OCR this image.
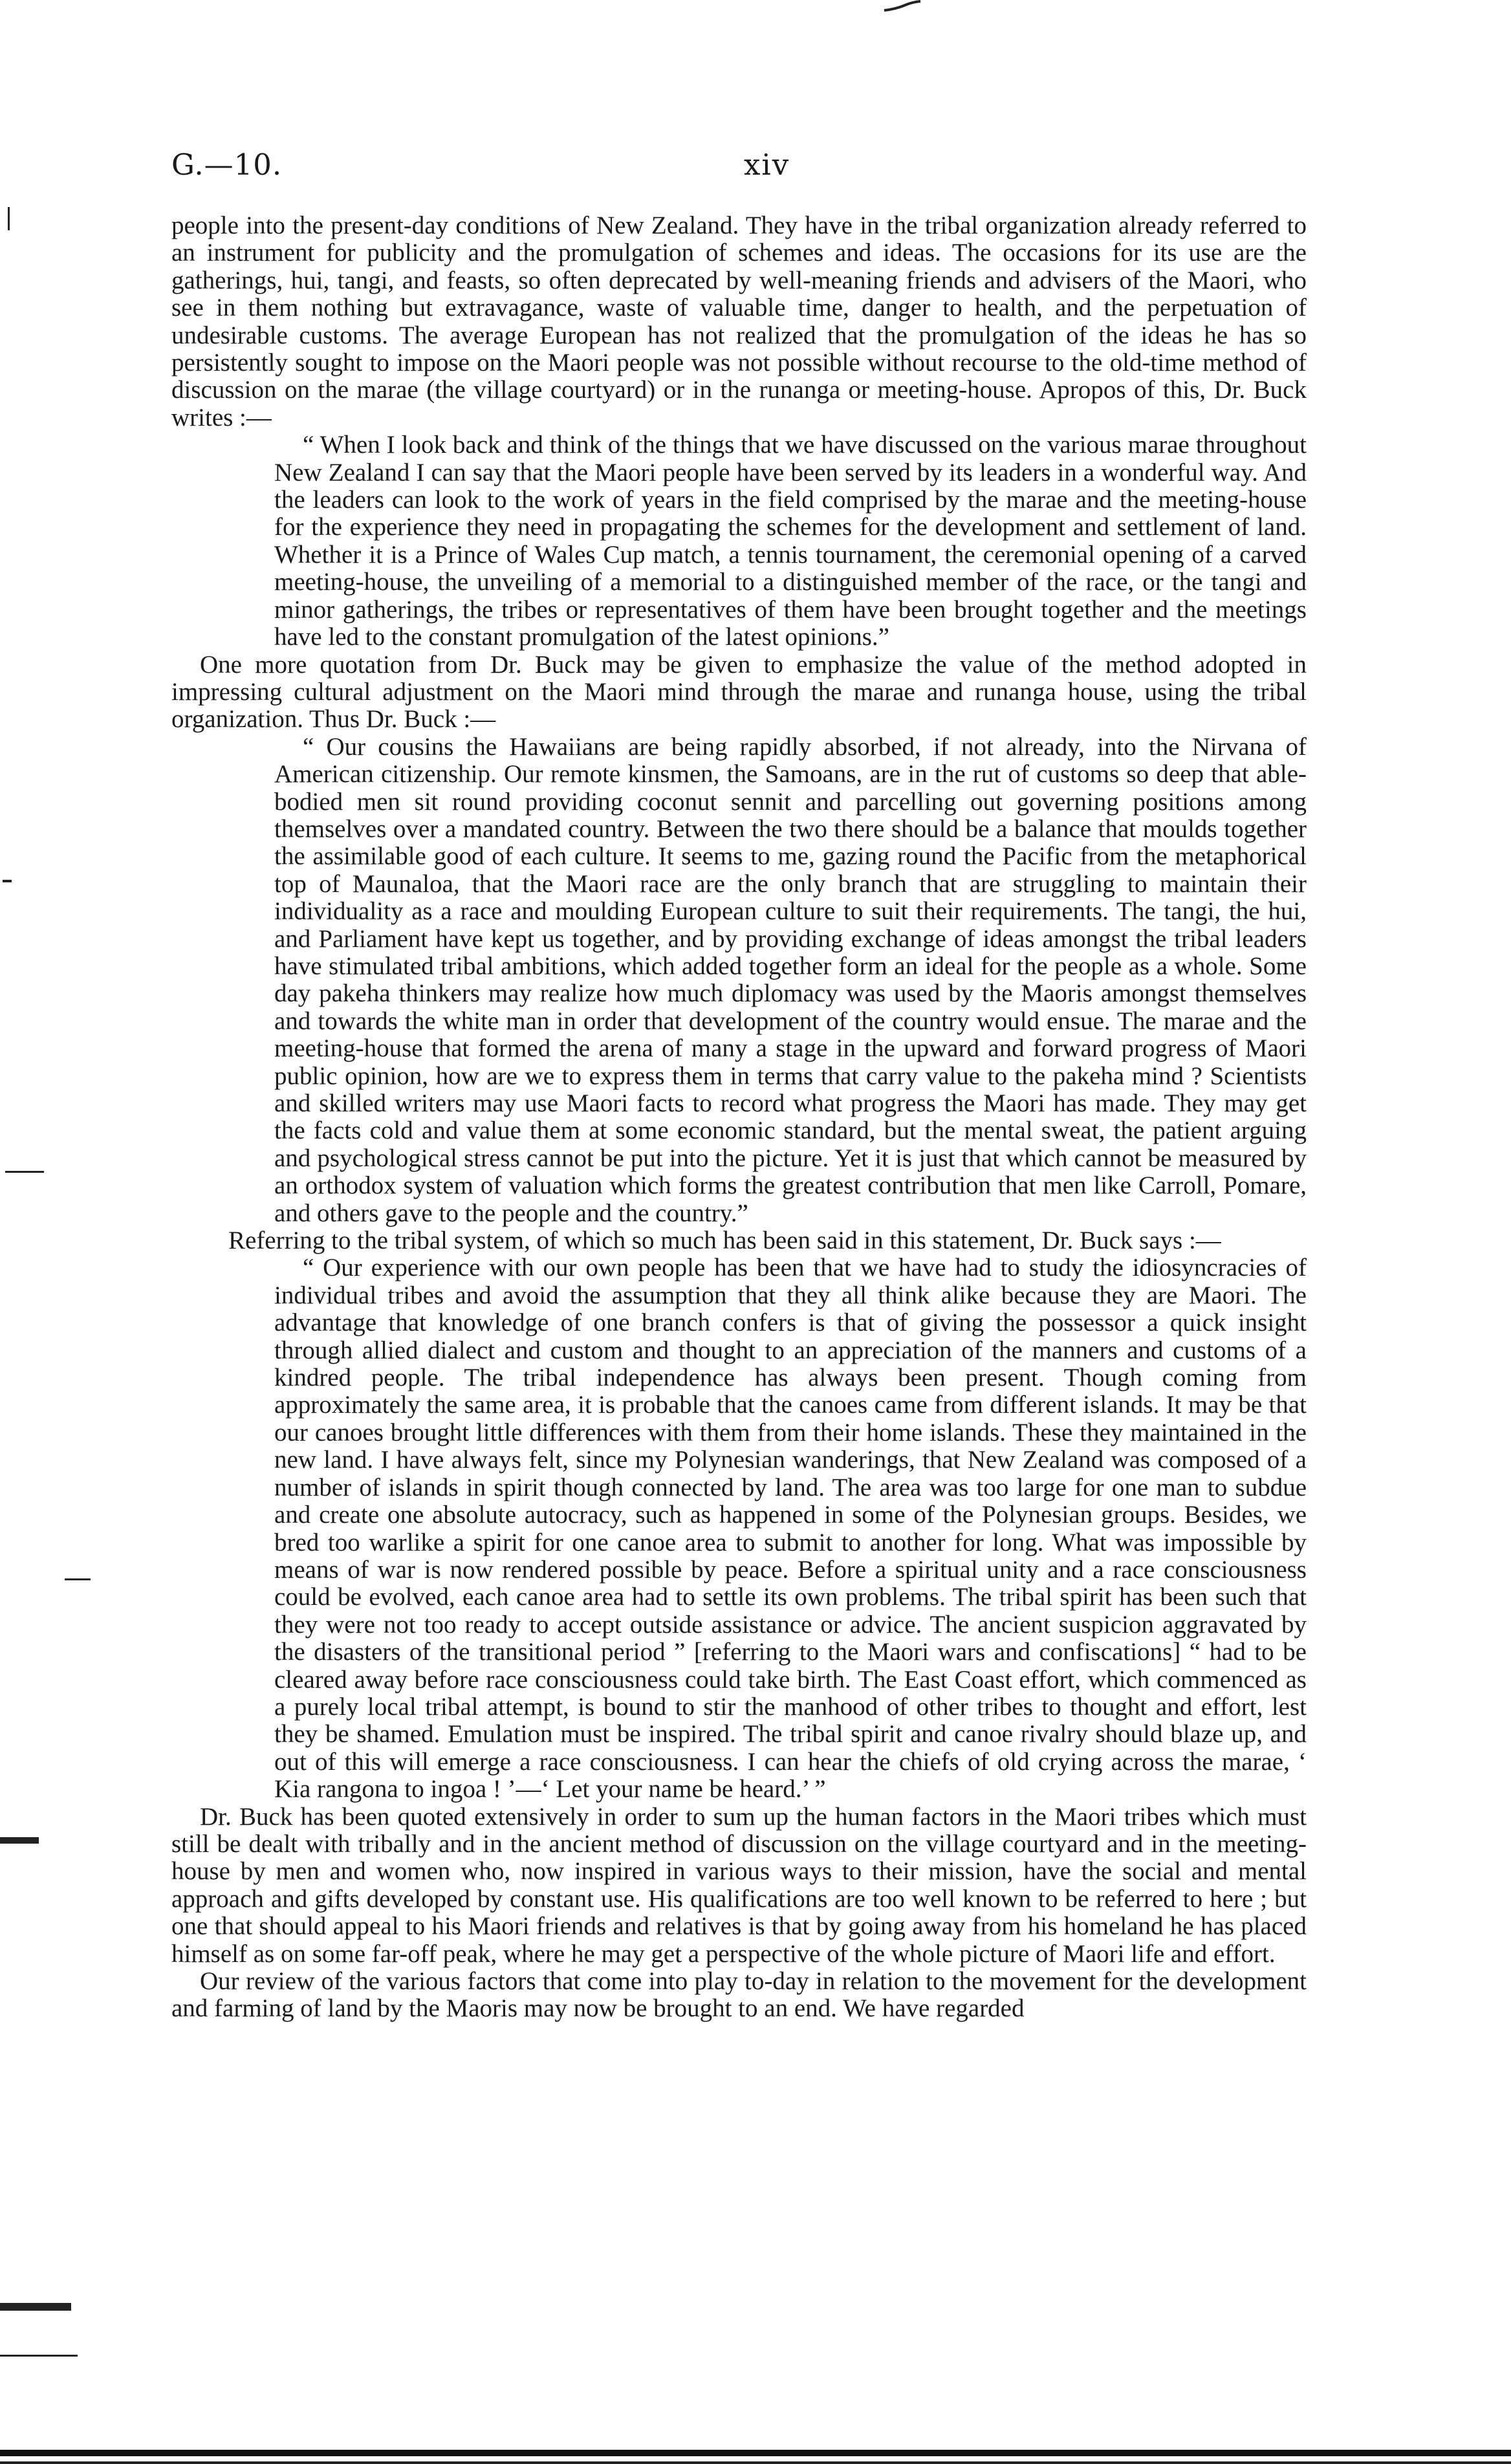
G.—10.	xiv

people into the present-day conditions of New Zealand. They have in the tribal organization already referred to an instrument for publicity and the promulgation of schemes and ideas. The occasions for its use are the gatherings, hui, tangi, and feasts, so often deprecated by well-meaning friends and advisers of the Maori, who see in them nothing but extravagance, waste of valuable time, danger to health, and the perpetuation of undesirable customs. The average European has not realized that the promulgation of the ideas he has so persistently sought to impose on the Maori people was not possible without recourse to the old-time method of discussion on the marae (the village courtyard) or in the runanga or meeting-house. Apropos of this, Dr. Buck writes :—

“ When I look back and think of the things that we have discussed on the various marae throughout New Zealand I can say that the Maori people have been served by its leaders in a wonderful way. And the leaders can look to the work of years in the field comprised by the marae and the meeting-house for the experience they need in propagating the schemes for the development and settlement of land. Whether it is a Prince of Wales Cup match, a tennis tournament, the ceremonial opening of a carved meeting-house, the unveiling of a memorial to a distinguished member of the race, or the tangi and minor gatherings, the tribes or representatives of them have been brought together and the meetings have led to the constant promulgation of the latest opinions.”

One more quotation from Dr. Buck may be given to emphasize the value of the method adopted in impressing cultural adjustment on the Maori mind through the marae and runanga house, using the tribal organization. Thus Dr. Buck :—

“ Our cousins the Hawaiians are being rapidly absorbed, if not already, into the Nirvana of American citizenship. Our remote kinsmen, the Samoans, are in the rut of customs so deep that able-bodied men sit round providing coconut sennit and parcelling out governing positions among themselves over a mandated country. Between the two there should be a balance that moulds together the assimilable good of each culture. It seems to me, gazing round the Pacific from the metaphorical top of Maunaloa, that the Maori race are the only branch that are struggling to maintain their individuality as a race and moulding European culture to suit their requirements. The tangi, the hui, and Parliament have kept us together, and by providing exchange of ideas amongst the tribal leaders have stimulated tribal ambitions, which added together form an ideal for the people as a whole. Some day pakeha thinkers may realize how much diplomacy was used by the Maoris amongst themselves and towards the white man in order that development of the country would ensue. The marae and the meeting-house that formed the arena of many a stage in the upward and forward progress of Maori public opinion, how are we to express them in terms that carry value to the pakeha mind ? Scientists and skilled writers may use Maori facts to record what progress the Maori has made. They may get the facts cold and value them at some economic standard, but the mental sweat, the patient arguing and psychological stress cannot be put into the picture. Yet it is just that which cannot be measured by an orthodox system of valuation which forms the greatest contribution that men like Carroll, Pomare, and others gave to the people and the country.”

Referring to the tribal system, of which so much has been said in this statement, Dr. Buck says :—

“ Our experience with our own people has been that we have had to study the idiosyncracies of individual tribes and avoid the assumption that they all think alike because they are Maori. The advantage that knowledge of one branch confers is that of giving the possessor a quick insight through allied dialect and custom and thought to an appreciation of the manners and customs of a kindred people. The tribal independence has always been present. Though coming from approximately the same area, it is probable that the canoes came from different islands. It may be that our canoes brought little differences with them from their home islands. These they maintained in the new land. I have always felt, since my Polynesian wanderings, that New Zealand was composed of a number of islands in spirit though connected by land. The area was too large for one man to subdue and create one absolute autocracy, such as happened in some of the Polynesian groups. Besides, we bred too warlike a spirit for one canoe area to submit to another for long. What was impossible by means of war is now rendered possible by peace. Before a spiritual unity and a race consciousness could be evolved, each canoe area had to settle its own problems. The tribal spirit has been such that they were not too ready to accept outside assistance or advice. The ancient suspicion aggravated by the disasters of the transitional period ” [referring to the Maori wars and confiscations] “ had to be cleared away before race consciousness could take birth. The East Coast effort, which commenced as a purely local tribal attempt, is bound to stir the manhood of other tribes to thought and effort, lest they be shamed. Emulation must be inspired. The tribal spirit and canoe rivalry should blaze up, and out of this will emerge a race consciousness. I can hear the chiefs of old crying across the marae, ‘ Kia rangona to ingoa ! ’—‘ Let your name be heard.’ ”

Dr. Buck has been quoted extensively in order to sum up the human factors in the Maori tribes which must still be dealt with tribally and in the ancient method of discussion on the village courtyard and in the meeting-house by men and women who, now inspired in various ways to their mission, have the social and mental approach and gifts developed by constant use. His qualifications are too well known to be referred to here ; but one that should appeal to his Maori friends and relatives is that by going away from his homeland he has placed himself as on some far-off peak, where he may get a perspective of the whole picture of Maori life and effort.

Our review of the various factors that come into play to-day in relation to the movement for the development and farming of land by the Maoris may now be brought to an end. We have regarded
